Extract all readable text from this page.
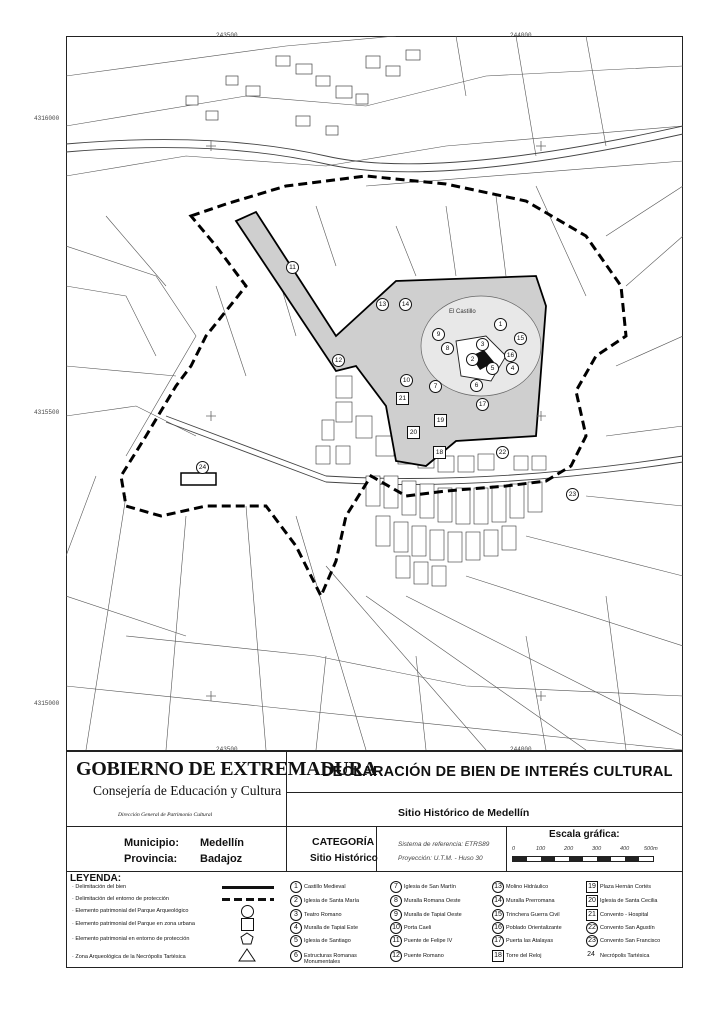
El Castillo
11
12
13	14
1
15
9
3
8
2
16
5	4
10
7	6
21
17
19
20
18	22
23
24
243500	244000
4316000
4315500
4315000
GOBIERNO DE EXTREMADURA
Consejería de Educación y Cultura
Dirección General de Patrimonio Cultural
DECLARACIÓN DE BIEN DE INTERÉS CULTURAL
Sitio Histórico de Medellín
Municipio: Medellín
Provincia: Badajoz
CATEGORÍA
Sitio Histórico
Sistema de referencia: ETRS89
Proyección: U.T.M. - Huso 30
Escala gráfica:
0	100	200	300	400	500m
LEYENDA:
· Delimitación del bien
· Delimitación del entorno de protección
· Elemento patrimonial del Parque Arqueológico
· Elemento patrimonial del Parque en zona urbana
· Elemento patrimonial en entorno de protección
· Zona Arqueológica de la Necrópolis Tartésica
1	Castillo Medieval
2	Iglesia de Santa María
3	Teatro Romano
4	Muralla de Tapial Este
5	Iglesia de Santiago
6	Estructuras Romanas Monumentales
7	Iglesia de San Martín
8	Muralla Romana Oeste
9	Muralla de Tapial Oeste
10 Porta Caeli
11 Puente de Felipe IV
12 Puente Romano
13 Molino Hidráulico
14 Muralla Prerromana
15 Trinchera Guerra Civil
16 Poblado Orientalizante
17 Puerta las Atalayas
18 Torre del Reloj
19 Plaza Hernán Cortés
20 Iglesia de Santa Cecilia
21 Convento - Hospital
22 Convento San Agustín
23 Convento San Francisco
24 Necrópolis Tartésica
